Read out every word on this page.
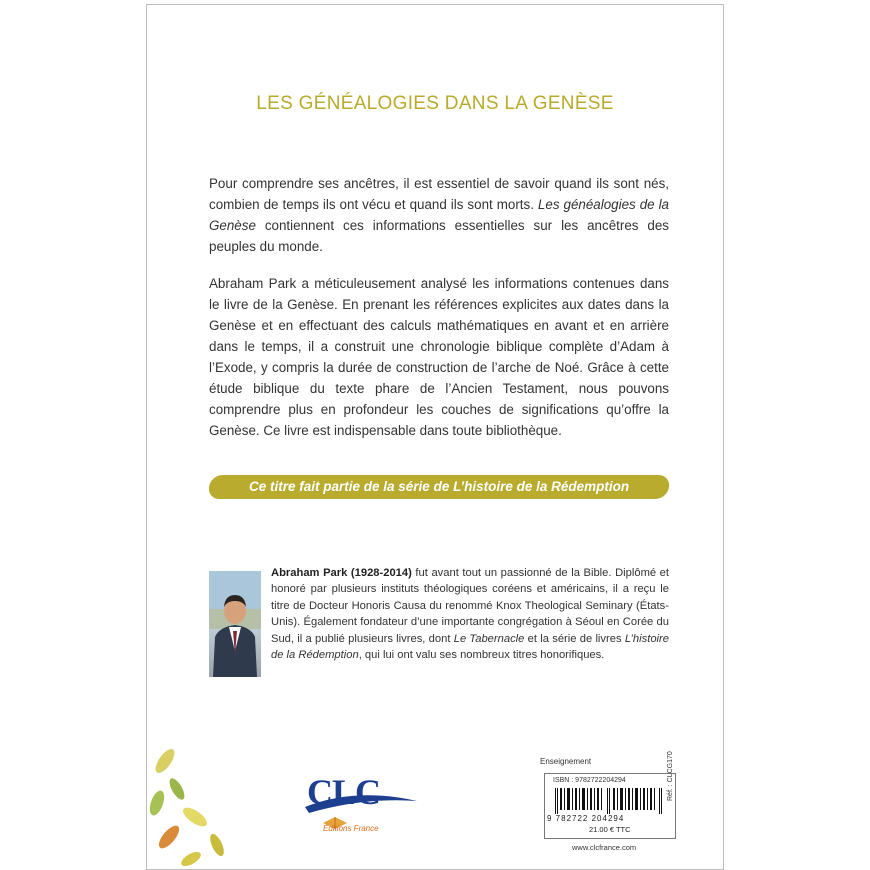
LES GÉNÉALOGIES DANS LA GENÈSE

Pour comprendre ses ancêtres, il est essentiel de savoir quand ils sont nés, combien de temps ils ont vécu et quand ils sont morts. Les généalogies de la Genèse contiennent ces informations essentielles sur les ancêtres des peuples du monde.

Abraham Park a méticuleusement analysé les informations contenues dans le livre de la Genèse. En prenant les références explicites aux dates dans la Genèse et en effectuant des calculs mathématiques en avant et en arrière dans le temps, il a construit une chronologie biblique complète d’Adam à l’Exode, y compris la durée de construction de l’arche de Noé. Grâce à cette étude biblique du texte phare de l’Ancien Testament, nous pouvons comprendre plus en profondeur les couches de significations qu’offre la Genèse. Ce livre est indispensable dans toute bibliothèque.

Ce titre fait partie de la série de L’histoire de la Rédemption

Abraham Park (1928-2014) fut avant tout un passionné de la Bible. Diplômé et honoré par plusieurs instituts théologiques coréens et américains, il a reçu le titre de Docteur Honoris Causa du renommé Knox Theological Seminary (États-Unis). Également fondateur d’une importante congrégation à Séoul en Corée du Sud, il a publié plusieurs livres, dont Le Tabernacle et la série de livres L’histoire de la Rédemption, qui lui ont valu ses nombreux titres honorifiques.

CLC
Éditions France
Enseignement
ISBN : 9782722204294
9 782722 204294
21.00 € TTC
Réf. : CLCG170
www.clcfrance.com
